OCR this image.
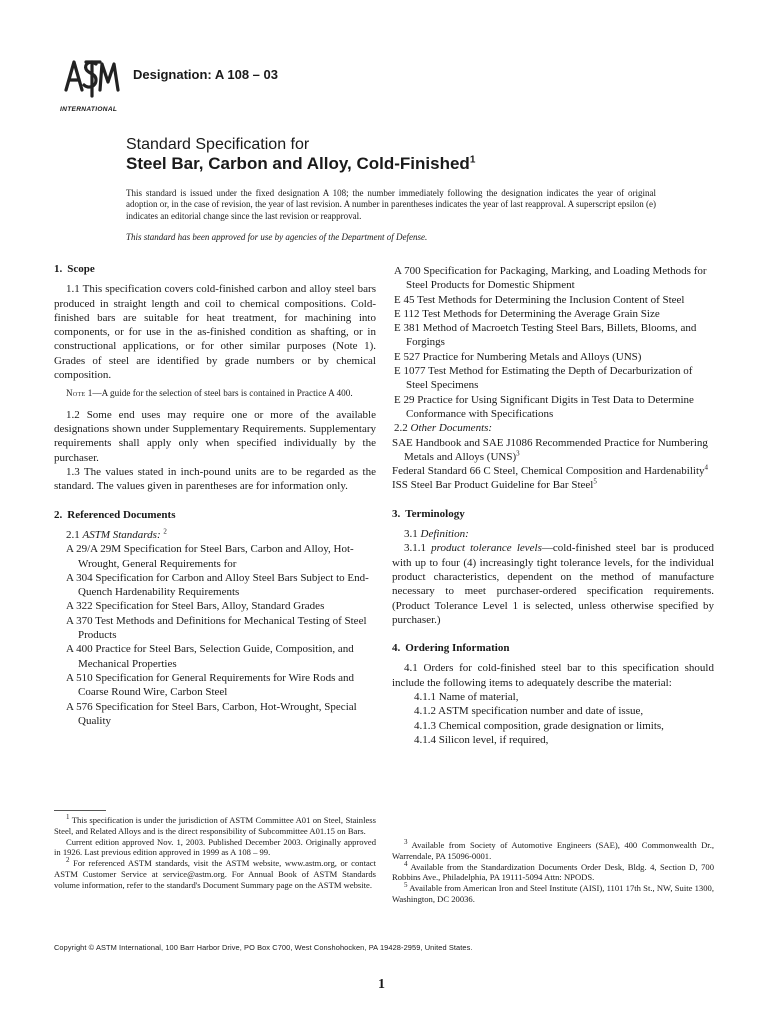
INTERNATIONAL
Designation: A 108 – 03
Standard Specification for
Steel Bar, Carbon and Alloy, Cold-Finished$^1$
This standard is issued under the fixed designation A 108; the number immediately following the designation indicates the year of original adoption or, in the case of revision, the year of last revision. A number in parentheses indicates the year of last reapproval. A superscript epsilon (e) indicates an editorial change since the last revision or reapproval.
This standard has been approved for use by agencies of the Department of Defense.
1. Scope

1.1 This specification covers cold-finished carbon and alloy steel bars produced in straight length and coil to chemical compositions. Cold-finished bars are suitable for heat treatment, for machining into components, or for use in the as-finished condition as shafting, or in constructional applications, or for other similar purposes (Note 1). Grades of steel are identified by grade numbers or by chemical composition.

Note 1—A guide for the selection of steel bars is contained in Practice A 400.

1.2 Some end uses may require one or more of the available designations shown under Supplementary Requirements. Supplementary requirements shall apply only when specified individually by the purchaser.

1.3 The values stated in inch-pound units are to be regarded as the standard. The values given in parentheses are for information only.

2. Referenced Documents
2.1 ASTM Standards: $^2$
A 29/A 29M Specification for Steel Bars, Carbon and Alloy, Hot-Wrought, General Requirements for
A 304 Specification for Carbon and Alloy Steel Bars Subject to End-Quench Hardenability Requirements
A 322 Specification for Steel Bars, Alloy, Standard Grades
A 370 Test Methods and Definitions for Mechanical Testing of Steel Products
A 400 Practice for Steel Bars, Selection Guide, Composition, and Mechanical Properties
A 510 Specification for General Requirements for Wire Rods and Coarse Round Wire, Carbon Steel
A 576 Specification for Steel Bars, Carbon, Hot-Wrought, Special Quality
A 700 Specification for Packaging, Marking, and Loading Methods for Steel Products for Domestic Shipment
E 45 Test Methods for Determining the Inclusion Content of Steel
E 112 Test Methods for Determining the Average Grain Size
E 381 Method of Macroetch Testing Steel Bars, Billets, Blooms, and Forgings
E 527 Practice for Numbering Metals and Alloys (UNS)
E 1077 Test Method for Estimating the Depth of Decarburization of Steel Specimens
E 29 Practice for Using Significant Digits in Test Data to Determine Conformance with Specifications
2.2 Other Documents:
SAE Handbook and SAE J1086 Recommended Practice for Numbering Metals and Alloys (UNS)$^3$
Federal Standard 66 C Steel, Chemical Composition and Hardenability$^4$
ISS Steel Bar Product Guideline for Bar Steel$^5$
3. Terminology
3.1 Definition:

3.1.1 product tolerance levels—cold-finished steel bar is produced with up to four (4) increasingly tight tolerance levels, for the individual product characteristics, dependent on the method of manufacture necessary to meet purchaser-ordered specification requirements. (Product Tolerance Level 1 is selected, unless otherwise specified by purchaser.)

4. Ordering Information

4.1 Orders for cold-finished steel bar to this specification should include the following items to adequately describe the material:

4.1.1 Name of material,
4.1.2 ASTM specification number and date of issue,
4.1.3 Chemical composition, grade designation or limits,
4.1.4 Silicon level, if required,

$^1$ This specification is under the jurisdiction of ASTM Committee A01 on Steel, Stainless Steel, and Related Alloys and is the direct responsibility of Subcommittee A01.15 on Bars.

Current edition approved Nov. 1, 2003. Published December 2003. Originally approved in 1926. Last previous edition approved in 1999 as A 108 – 99.

$^2$ For referenced ASTM standards, visit the ASTM website, www.astm.org, or contact ASTM Customer Service at service@astm.org. For Annual Book of ASTM Standards volume information, refer to the standard's Document Summary page on the ASTM website.

$^3$ Available from Society of Automotive Engineers (SAE), 400 Commonwealth Dr., Warrendale, PA 15096-0001.

$^4$ Available from the Standardization Documents Order Desk, Bldg. 4, Section D, 700 Robbins Ave., Philadelphia, PA 19111-5094 Attn: NPODS.

$^5$ Available from American Iron and Steel Institute (AISI), 1101 17th St., NW, Suite 1300, Washington, DC 20036.

Copyright © ASTM International, 100 Barr Harbor Drive, PO Box C700, West Conshohocken, PA 19428-2959, United States.
1
